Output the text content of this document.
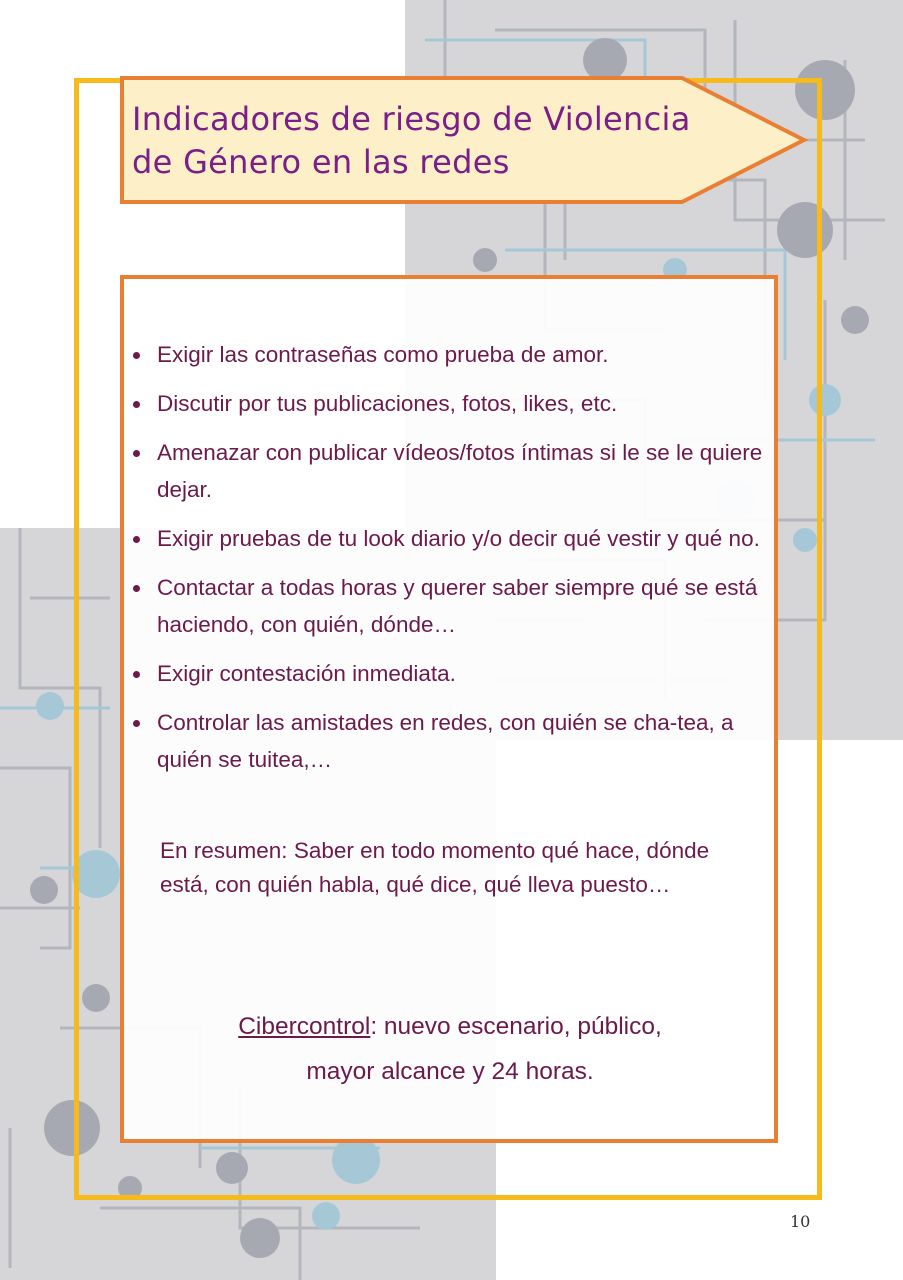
Indicadores de riesgo de Violencia de Género en las redes
Exigir las contraseñas como prueba de amor.
Discutir por tus publicaciones, fotos, likes, etc.
Amenazar con publicar vídeos/fotos íntimas si le se le quiere dejar.
Exigir pruebas de tu look diario y/o decir qué vestir y qué no.
Contactar a todas horas y querer saber siempre qué se está haciendo, con quién, dónde…
Exigir contestación inmediata.
Controlar las amistades en redes, con quién se cha-tea, a quién se tuitea,…
En resumen: Saber en todo momento qué hace, dónde está, con quién habla, qué dice, qué lleva puesto…
Cibercontrol: nuevo escenario, público,
mayor alcance y 24 horas.
10
